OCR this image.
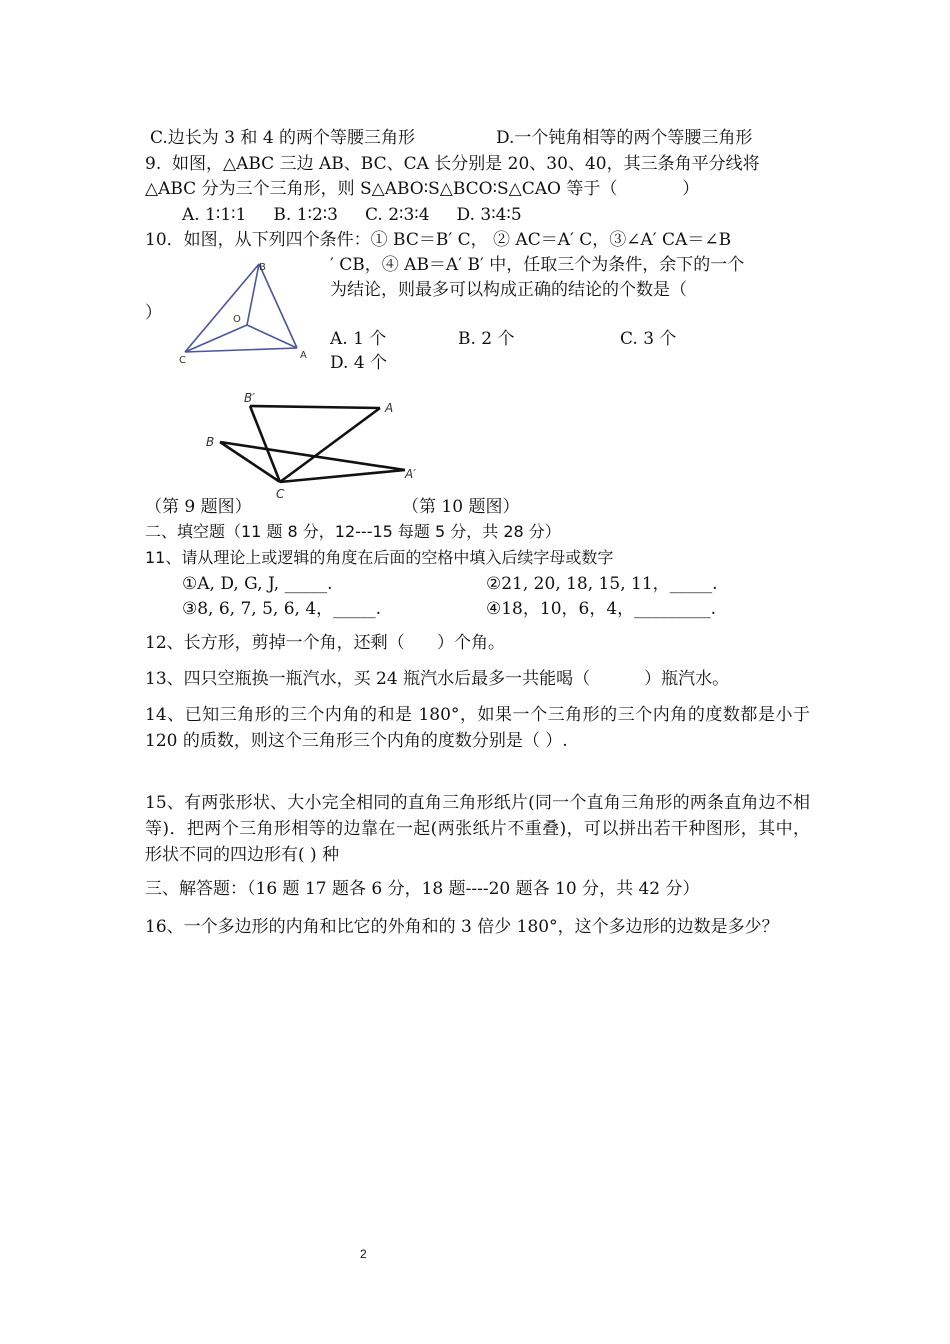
C.边长为 3 和 4 的两个等腰三角形	D.一个钝角相等的两个等腰三角形
9.  如图，△ABC 三边 AB、BC、CA 长分别是 20、30、40，其三条角平分线将
△ABC 分为三个三角形，则 S△ABO∶S△BCO∶S△CAO 等于（            ）
A. 1∶1∶1     B. 1∶2∶3     C. 2∶3∶4     D. 3∶4∶5
10．如图，从下列四个条件：① BC＝B′ C， ② AC＝A′ C，③∠A′ CA＝∠B
′ CB，④ AB＝A′ B′ 中，任取三个为条件，余下的一个
为结论，则最多可以构成正确的结论的个数是（
）
A. 1 个	B. 2 个	C. 3 个
D. 4 个
B
O
C	A
B′
A
B
A′
C
（第 9 题图）	（第 10 题图）
二、填空题（11 题 8 分，12---15 每题 5 分，共 28 分）
11、请从理论上或逻辑的角度在后面的空格中填入后续字母或数字
①A, D, G, J, _____.	②21, 20, 18, 15, 11，_____.
③8, 6, 7, 5, 6, 4，_____.	④18，10，6，4，_________.
12、长方形，剪掉一个角，还剩（      ）个角。
13、四只空瓶换一瓶汽水，买 24 瓶汽水后最多一共能喝（          ）瓶汽水。
14、已知三角形的三个内角的和是 180°，如果一个三角形的三个内角的度数都是小于 120 的质数，则这个三角形三个内角的度数分别是（ ）.
15、有两张形状、大小完全相同的直角三角形纸片(同一个直角三角形的两条直角边不相等)．把两个三角形相等的边靠在一起(两张纸片不重叠)，可以拼出若干种图形，其中，形状不同的四边形有( ) 种
三、解答题：（16 题 17 题各 6 分，18 题----20 题各 10 分，共 42 分）
16、一个多边形的内角和比它的外角和的 3 倍少 180°，这个多边形的边数是多少？
2
